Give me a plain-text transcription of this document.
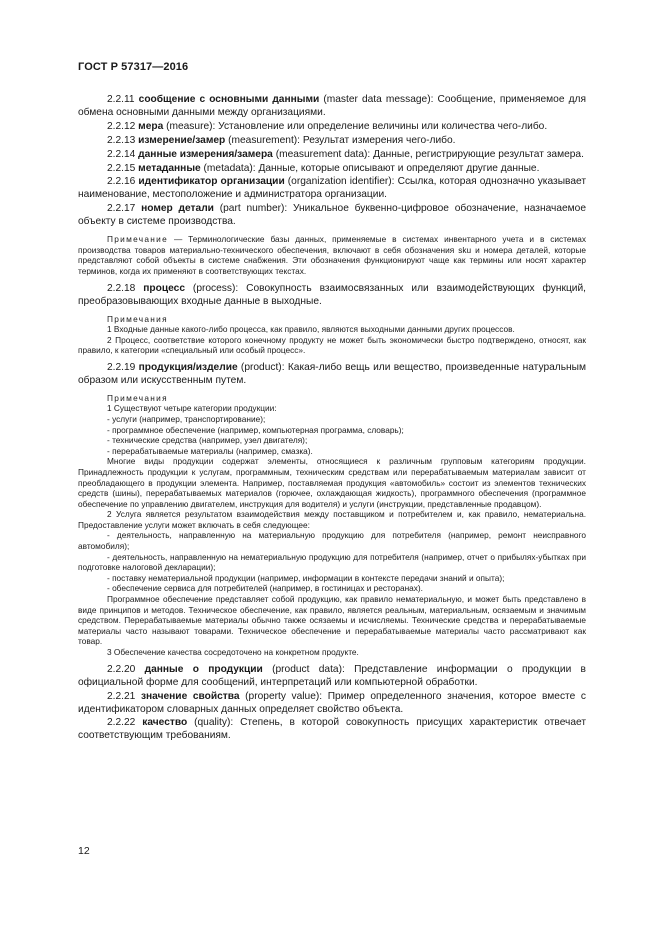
ГОСТ Р 57317—2016

2.2.11 сообщение с основными данными (master data message): Сообщение, применяемое для обмена основными данными между организациями.

2.2.12 мера (measure): Установление или определение величины или количества чего-либо.

2.2.13 измерение/замер (measurement): Результат измерения чего-либо.

2.2.14 данные измерения/замера (measurement data): Данные, регистрирующие результат замера.

2.2.15 метаданные (metadata): Данные, которые описывают и определяют другие данные.

2.2.16 идентификатор организации (organization identifier): Ссылка, которая однозначно указывает наименование, местоположение и администратора организации.

2.2.17 номер детали (part number): Уникальное буквенно-цифровое обозначение, назначаемое объекту в системе производства.

Примечание — Терминологические базы данных, применяемые в системах инвентарного учета и в системах производства товаров материально-технического обеспечения, включают в себя обозначения sku и номера деталей, которые представляют собой объекты в системе снабжения. Эти обозначения функционируют чаще как термины или носят характер терминов, когда их применяют в соответствующих текстах.

2.2.18 процесс (process): Совокупность взаимосвязанных или взаимодействующих функций, преобразовывающих входные данные в выходные.

Примечания

1 Входные данные какого-либо процесса, как правило, являются выходными данными других процессов.

2 Процесс, соответствие которого конечному продукту не может быть экономически быстро подтверждено, относят, как правило, к категории «специальный или особый процесс».

2.2.19 продукция/изделие (product): Какая-либо вещь или вещество, произведенные натуральным образом или искусственным путем.

Примечания

1 Существуют четыре категории продукции:

- услуги (например, транспортирование);

- программное обеспечение (например, компьютерная программа, словарь);

- технические средства (например, узел двигателя);

- перерабатываемые материалы (например, смазка).

Многие виды продукции содержат элементы, относящиеся к различным групповым категориям продукции. Принадлежность продукции к услугам, программным, техническим средствам или перерабатываемым материалам зависит от преобладающего в продукции элемента. Например, поставляемая продукция «автомобиль» состоит из элементов технических средств (шины), перерабатываемых материалов (горючее, охлаждающая жидкость), программного обеспечения (программное обеспечение по управлению двигателем, инструкция для водителя) и услуги (инструкции, представленные продавцом).

2 Услуга является результатом взаимодействия между поставщиком и потребителем и, как правило, нематериальна. Предоставление услуги может включать в себя следующее:

- деятельность, направленную на материальную продукцию для потребителя (например, ремонт неисправного автомобиля);

- деятельность, направленную на нематериальную продукцию для потребителя (например, отчет о прибылях-убытках при подготовке налоговой декларации);

- поставку нематериальной продукции (например, информации в контексте передачи знаний и опыта);

- обеспечение сервиса для потребителей (например, в гостиницах и ресторанах).

Программное обеспечение представляет собой продукцию, как правило нематериальную, и может быть представлено в виде принципов и методов. Техническое обеспечение, как правило, является реальным, материальным, осязаемым и значимым средством. Перерабатываемые материалы обычно также осязаемы и исчисляемы. Технические средства и перерабатываемые материалы часто называют товарами. Техническое обеспечение и перерабатываемые материалы часто рассматривают как товар.

3 Обеспечение качества сосредоточено на конкретном продукте.

2.2.20 данные о продукции (product data): Представление информации о продукции в официальной форме для сообщений, интерпретаций или компьютерной обработки.

2.2.21 значение свойства (property value): Пример определенного значения, которое вместе с идентификатором словарных данных определяет свойство объекта.

2.2.22 качество (quality): Степень, в которой совокупность присущих характеристик отвечает соответствующим требованиям.

12
